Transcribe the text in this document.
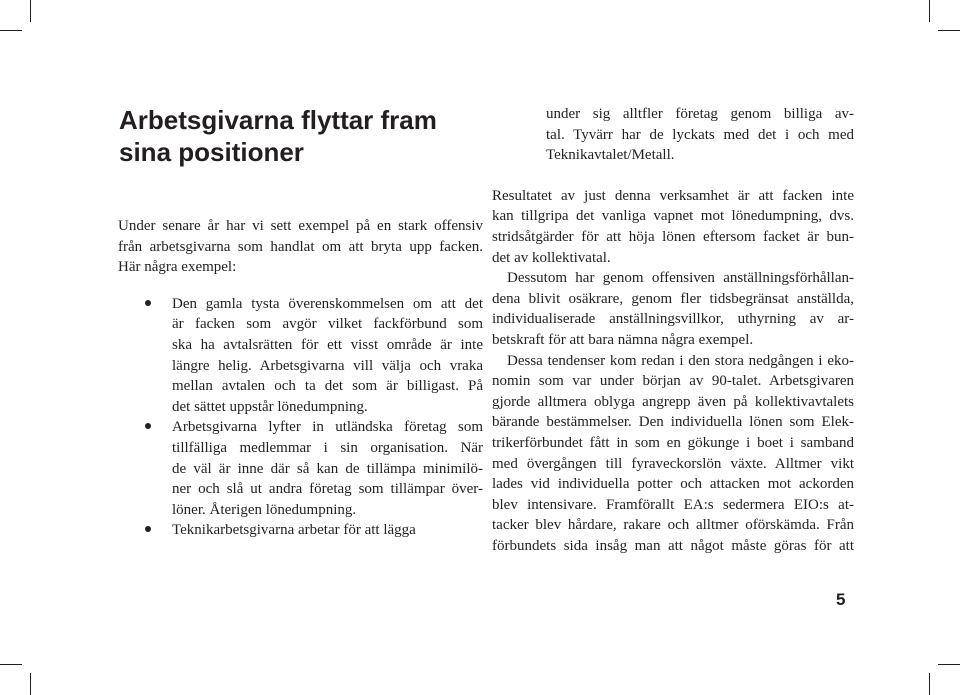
Arbetsgivarna flyttar fram
sina positioner
Under senare år har vi sett exempel på en stark offensiv
från arbetsgivarna som handlat om att bryta upp facken.
Här några exempel:
Den gamla tysta överenskommelsen om att det
är facken som avgör vilket fackförbund som
ska ha avtalsrätten för ett visst område är inte
längre helig. Arbetsgivarna vill välja och vraka
mellan avtalen och ta det som är billigast. På
det sättet uppstår lönedumpning.
Arbetsgivarna lyfter in utländska företag som
tillfälliga medlemmar i sin organisation. När
de väl är inne där så kan de tillämpa minimilö-
ner och slå ut andra företag som tillämpar över-
löner. Återigen lönedumpning.
Teknikarbetsgivarna arbetar för att lägga
under sig alltfler företag genom billiga av-
tal. Tyvärr har de lyckats med det i och med
Teknikavtalet/Metall.
Resultatet av just denna verksamhet är att facken inte
kan tillgripa det vanliga vapnet mot lönedumpning, dvs.
stridsåtgärder för att höja lönen eftersom facket är bun-
det av kollektivatal.
Dessutom har genom offensiven anställningsförhållan-
dena blivit osäkrare, genom fler tidsbegränsat anställda,
individualiserade anställningsvillkor, uthyrning av ar-
betskraft för att bara nämna några exempel.
Dessa tendenser kom redan i den stora nedgången i eko-
nomin som var under början av 90-talet. Arbetsgivaren
gjorde alltmera oblyga angrepp även på kollektivavtalets
bärande bestämmelser. Den individuella lönen som Elek-
trikerförbundet fått in som en gökunge i boet i samband
med övergången till fyraveckorslön växte. Alltmer vikt
lades vid individuella potter och attacken mot ackorden
blev intensivare. Framförallt EA:s sedermera EIO:s at-
tacker blev hårdare, rakare och alltmer oförskämda. Från
förbundets sida insåg man att något måste göras för att
5
